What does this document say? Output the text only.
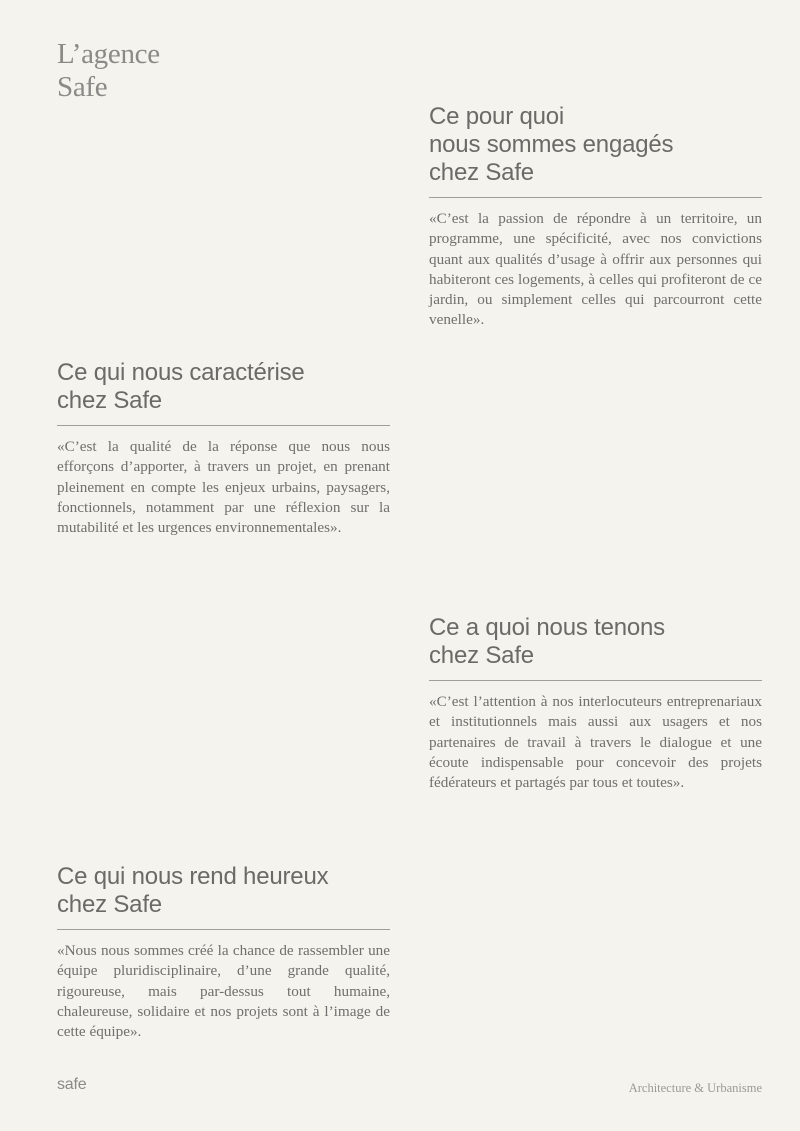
L’agence
Safe
Ce pour quoi
nous sommes engagés
chez Safe

«C’est la passion de répondre à un territoire, un programme, une spécificité, avec nos convictions quant aux qualités d’usage à offrir aux personnes qui habiteront ces logements, à celles qui profiteront de ce jardin, ou simplement celles qui parcourront cette venelle».

Ce qui nous caractérise
chez Safe

«C’est la qualité de la réponse que nous nous efforçons d’apporter, à travers un projet, en prenant pleinement en compte les enjeux urbains, paysagers, fonctionnels, notamment par une réflexion sur la mutabilité et les urgences environnementales».

Ce a quoi nous tenons
chez Safe

«C’est l’attention à nos interlocuteurs entreprenariaux et institutionnels mais aussi aux usagers et nos partenaires de travail à travers le dialogue et une écoute indispensable pour concevoir des projets fédérateurs et partagés par tous et toutes».

Ce qui nous rend heureux
chez Safe

«Nous nous sommes créé la chance de rassembler une équipe pluridisciplinaire, d’une grande qualité, rigoureuse, mais par-dessus tout humaine, chaleureuse, solidaire et nos projets sont à l’image de cette équipe».

safe	Architecture & Urbanisme
